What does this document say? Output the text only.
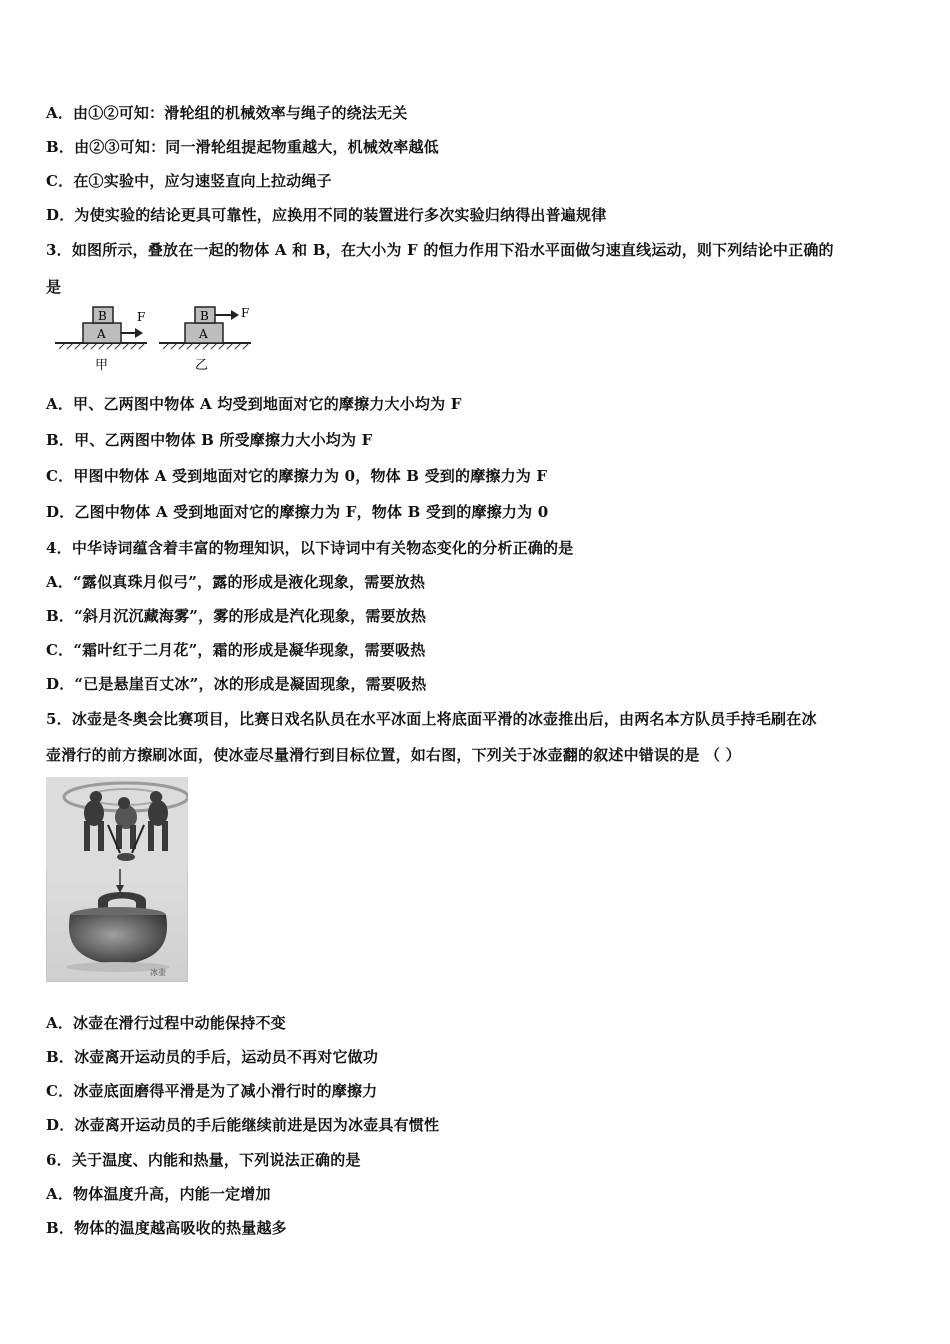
A．由①②可知：滑轮组的机械效率与绳子的绕法无关
B．由②③可知：同一滑轮组提起物重越大，机械效率越低
C．在①实验中，应匀速竖直向上拉动绳子
D．为使实验的结论更具可靠性，应换用不同的装置进行多次实验归纳得出普遍规律
3．如图所示，叠放在一起的物体 A 和 B，在大小为 F 的恒力作用下沿水平面做匀速直线运动，则下列结论中正确的
是
B
A
F
甲
B
A
F
乙
A．甲、乙两图中物体 A 均受到地面对它的摩擦力大小均为 F
B．甲、乙两图中物体 B 所受摩擦力大小均为 F
C．甲图中物体 A 受到地面对它的摩擦力为 0，物体 B 受到的摩擦力为 F
D．乙图中物体 A 受到地面对它的摩擦力为 F，物体 B 受到的摩擦力为 0
4．中华诗词蕴含着丰富的物理知识，以下诗词中有关物态变化的分析正确的是
A．“露似真珠月似弓”，露的形成是液化现象，需要放热
B．“斜月沉沉藏海雾”，雾的形成是汽化现象，需要放热
C．“霜叶红于二月花”，霜的形成是凝华现象，需要吸热
D．“已是悬崖百丈冰”，冰的形成是凝固现象，需要吸热
5．冰壶是冬奥会比赛项目，比赛日戏名队员在水平冰面上将底面平滑的冰壶推出后，由两名本方队员手持毛刷在冰
壶滑行的前方擦刷冰面，使冰壶尽量滑行到目标位置，如右图，下列关于冰壶翻的叙述中错误的是 （ ）
冰壶
A．冰壶在滑行过程中动能保持不变
B．冰壶离开运动员的手后，运动员不再对它做功
C．冰壶底面磨得平滑是为了减小滑行时的摩擦力
D．冰壶离开运动员的手后能继续前进是因为冰壶具有惯性
6．关于温度、内能和热量，下列说法正确的是
A．物体温度升高，内能一定增加
B．物体的温度越高吸收的热量越多
